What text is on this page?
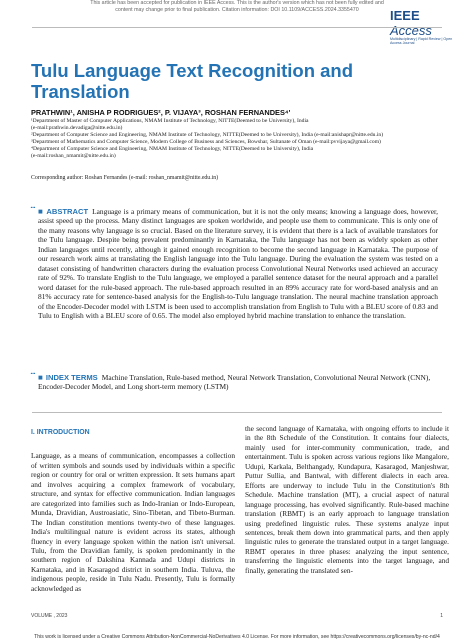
This article has been accepted for publication in IEEE Access. This is the author's version which has not been fully edited and
content may change prior to final publication. Citation information: DOI 10.1109/ACCESS.2024.3355470	IEEE Access
Multidisciplinary | Rapid Review | Open Access Journal
Tulu Language Text Recognition and Translation
PRATHWIN¹, ANISHA P RODRIGUES², P. VIJAYA³, ROSHAN FERNANDES⁴'
¹Department of Master of Computer Applications, NMAM Institute of Technology, NITTE(Deemed to be University), India
(e-mail:prathwin.devadiga@nitte.edu.in)
²Department of Computer Science and Engineering, NMAM Institute of Technology, NITTE(Deemed to be University), India (e-mail:anishapr@nitte.edu.in)
³Department of Mathematics and Computer Science, Modern College of Business and Sciences, Bowshar, Sultanate of Oman (e-mail:pvvijaya@gmail.com)
⁴Department of Computer Science and Engineering, NMAM Institute of Technology, NITTE(Deemed to be University), India
(e-mail:roshan_nmamit@nitte.edu.in)
Corresponding author: Roshan Fernandes (e-mail: roshan_nmamit@nitte.edu.in)
••• ■ ABSTRACT Language is a primary means of communication, but it is not the only means; knowing a language does, however, assist speed up the process. Many distinct languages are spoken worldwide, and people use them to communicate. This is only one of the many reasons why language is so crucial. Based on the literature survey, it is evident that there is a lack of available translators for the Tulu language. Despite being prevalent predominantly in Karnataka, the Tulu language has not been as widely spoken as other Indian languages until recently, although it gained enough recognition to become the second language in Karnataka. The purpose of our research work aims at translating the English language into the Tulu language. During the evaluation the system was tested on a dataset consisting of handwritten characters during the evaluation process Convolutional Neural Networks used achieved an accuracy rate of 92%. To translate English to the Tulu language, we employed a parallel sentence dataset for the neural approach and a parallel word dataset for the rule-based approach. The rule-based approach resulted in an 89% accuracy rate for word-based analysis and an 81% accuracy rate for sentence-based analysis for the English-to-Tulu language translation. The neural machine translation approach of the Encoder-Decoder model with LSTM is been used to accomplish translation from English to Tulu with a BLEU score of 0.83 and Tulu to English with a BLEU score of 0.65. The model also employed hybrid machine translation to enhance the translation.
••• ■ INDEX TERMS Machine Translation, Rule-based method, Neural Network Translation, Convolutional Neural Network (CNN), Encoder-Decoder Model, and Long short-term memory (LSTM)
I. INTRODUCTION
Language, as a means of communication, encompasses a collection of written symbols and sounds used by individuals within a specific region or country for oral or written expression. It sets humans apart and involves acquiring a complex framework of vocabulary, structure, and syntax for effective communication. Indian languages are categorized into families such as Indo-Iranian or Indo-European, Munda, Dravidian, Austroasiatic, Sino-Tibetan, and Tibeto-Burman. The Indian constitution mentions twenty-two of these languages. India's multilingual nature is evident across its states, although fluency in every language spoken within the nation isn't universal. Tulu, from the Dravidian family, is spoken predominantly in the southern region of Dakshina Kannada and Udupi districts in Karnataka, and in Kasaragod district in southern India. Tuluva, the indigenous people, reside in Tulu Nadu. Presently, Tulu is formally acknowledged as
the second language of Karnataka, with ongoing efforts to include it in the 8th Schedule of the Constitution. It contains four dialects, mainly used for inter-community communication, trade, and entertainment. Tulu is spoken across various regions like Mangalore, Udupi, Karkala, Belthangady, Kundapura, Kasaragod, Manjeshwar, Puttur Sullia, and Bantwal, with different dialects in each area. Efforts are underway to include Tulu in the Constitution's 8th Schedule. Machine translation (MT), a crucial aspect of natural language processing, has evolved significantly. Rule-based machine translation (RBMT) is an early approach to language translation using predefined linguistic rules. These systems analyze input sentences, break them down into grammatical parts, and then apply linguistic rules to generate the translated output in a target language. RBMT operates in three phases: analyzing the input sentence, transferring the linguistic elements into the target language, and finally, generating the translated sen-
VOLUME , 2023	1
This work is licensed under a Creative Commons Attribution-NonCommercial-NoDerivatives 4.0 License. For more information, see https://creativecommons.org/licenses/by-nc-nd/4
